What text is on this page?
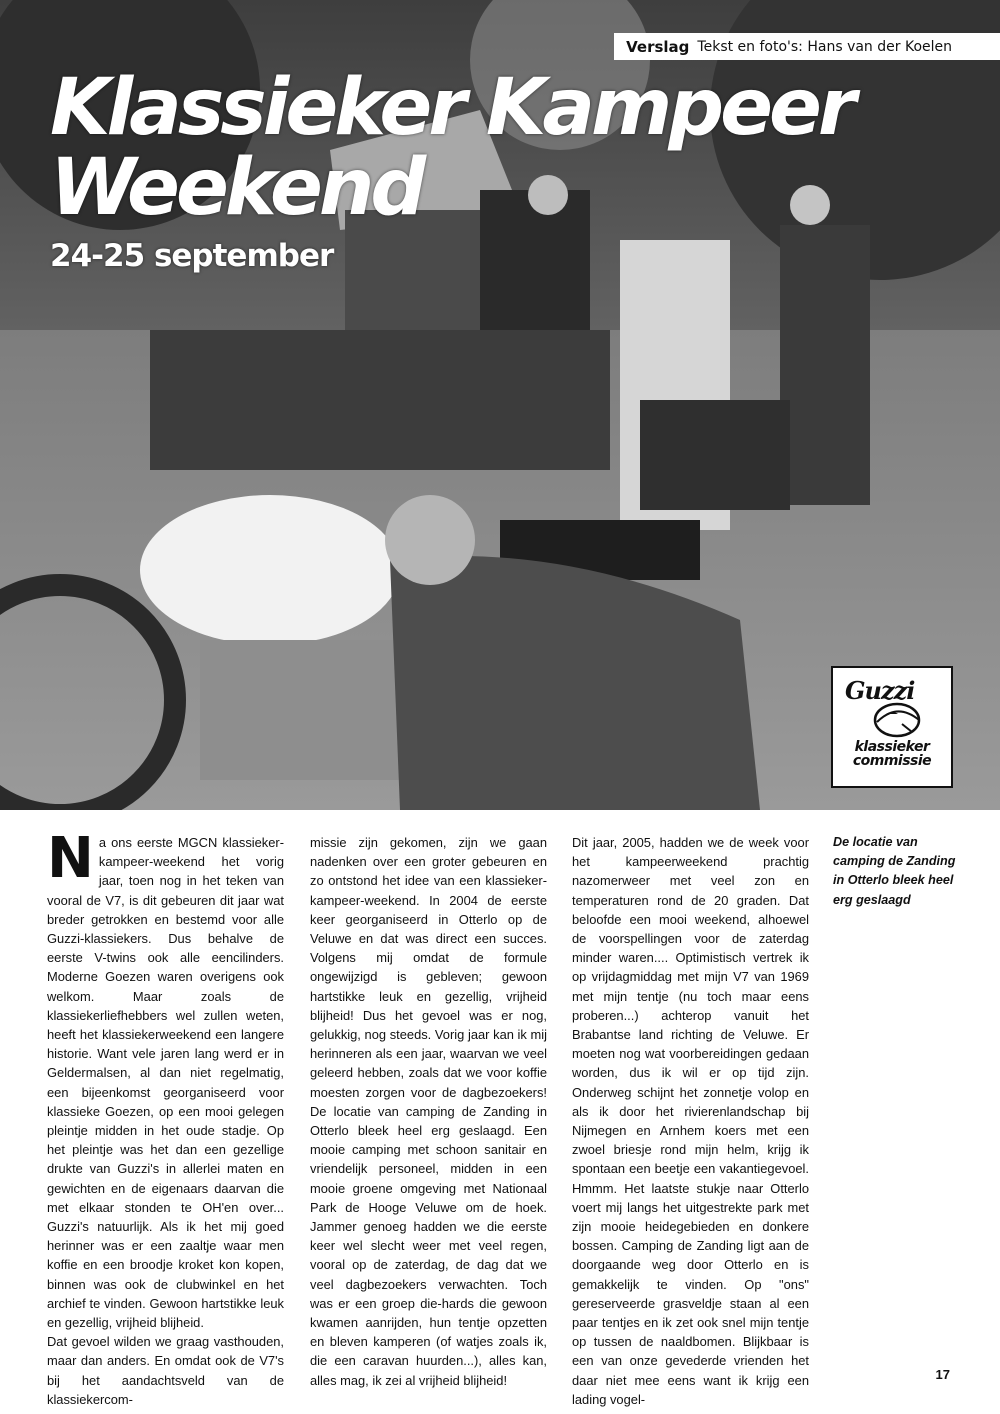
Verslag Tekst en foto's: Hans van der Koelen
Klassieker Kampeer
Weekend
24-25 september
Guzzi
klassieker
commissie

N a ons eerste MGCN klassieker-kampeer-weekend het vorig jaar, toen nog in het teken van vooral de V7, is dit gebeuren dit jaar wat breder getrokken en bestemd voor alle Guzzi-klassiekers. Dus behalve de eerste V-twins ook alle eencilinders. Moderne Goezen waren overigens ook welkom. Maar zoals de klassiekerliefhebbers wel zullen weten, heeft het klassiekerweekend een langere historie. Want vele jaren lang werd er in Geldermalsen, al dan niet regelmatig, een bijeenkomst georganiseerd voor klassieke Goezen, op een mooi gelegen pleintje midden in het oude stadje. Op het pleintje was het dan een gezellige drukte van Guzzi's in allerlei maten en gewichten en de eigenaars daarvan die met elkaar stonden te OH'en over... Guzzi's natuurlijk. Als ik het mij goed herinner was er een zaaltje waar men koffie en een broodje kroket kon kopen, binnen was ook de clubwinkel en het archief te vinden. Gewoon hartstikke leuk en gezellig, vrijheid blijheid.

Dat gevoel wilden we graag vasthouden, maar dan anders. En omdat ook de V7's bij het aandachtsveld van de klassiekercom-

missie zijn gekomen, zijn we gaan nadenken over een groter gebeuren en zo ontstond het idee van een klassieker-kampeer-weekend. In 2004 de eerste keer georganiseerd in Otterlo op de Veluwe en dat was direct een succes. Volgens mij omdat de formule ongewijzigd is gebleven; gewoon hartstikke leuk en gezellig, vrijheid blijheid! Dus het gevoel was er nog, gelukkig, nog steeds. Vorig jaar kan ik mij herinneren als een jaar, waarvan we veel geleerd hebben, zoals dat we voor koffie moesten zorgen voor de dagbezoekers! De locatie van camping de Zanding in Otterlo bleek heel erg geslaagd. Een mooie camping met schoon sanitair en vriendelijk personeel, midden in een mooie groene omgeving met Nationaal Park de Hooge Veluwe om de hoek. Jammer genoeg hadden we die eerste keer wel slecht weer met veel regen, vooral op de zaterdag, de dag dat we veel dagbezoekers verwachten. Toch was er een groep die-hards die gewoon kwamen aanrijden, hun tentje opzetten en bleven kamperen (of watjes zoals ik, die een caravan huurden...), alles kan, alles mag, ik zei al vrijheid blijheid!

Dit jaar, 2005, hadden we de week voor het kampeerweekend prachtig nazomerweer met veel zon en temperaturen rond de 20 graden. Dat beloofde een mooi weekend, alhoewel de voorspellingen voor de zaterdag minder waren.... Optimistisch vertrek ik op vrijdagmiddag met mijn V7 van 1969 met mijn tentje (nu toch maar eens proberen...) achterop vanuit het Brabantse land richting de Veluwe. Er moeten nog wat voorbereidingen gedaan worden, dus ik wil er op tijd zijn. Onderweg schijnt het zonnetje volop en als ik door het rivierenlandschap bij Nijmegen en Arnhem koers met een zwoel briesje rond mijn helm, krijg ik spontaan een beetje een vakantiegevoel. Hmmm. Het laatste stukje naar Otterlo voert mij langs het uitgestrekte park met zijn mooie heidegebieden en donkere bossen. Camping de Zanding ligt aan de doorgaande weg door Otterlo en is gemakkelijk te vinden. Op "ons" gereserveerde grasveldje staan al een paar tentjes en ik zet ook snel mijn tentje op tussen de naaldbomen. Blijkbaar is een van onze gevederde vrienden het daar niet mee eens want ik krijg een lading vogel-

De locatie van camping de Zanding in Otterlo bleek heel erg geslaagd
17
